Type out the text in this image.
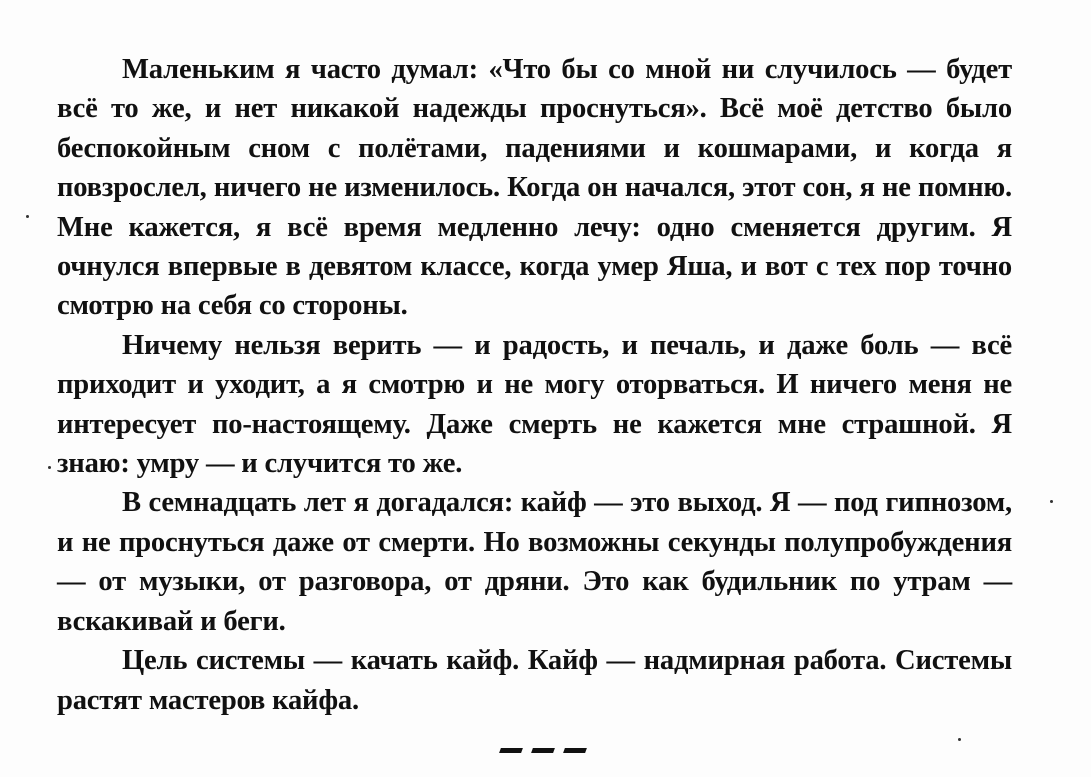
Маленьким я часто думал: «Что бы со мной ни случилось — будет всё то же, и нет никакой надежды проснуться». Всё моё детство было беспокойным сном с полётами, падениями и кошмарами, и когда я повзрослел, ничего не изменилось. Когда он начался, этот сон, я не помню. Мне кажется, я всё время медленно лечу: одно сменяется другим. Я очнулся впервые в девятом классе, когда умер Яша, и вот с тех пор точно смотрю на себя со стороны.

Ничему нельзя верить — и радость, и печаль, и даже боль — всё приходит и уходит, а я смотрю и не могу оторваться. И ничего меня не интересует по-настоящему. Даже смерть не кажется мне страшной. Я знаю: умру — и случится то же.

В семнадцать лет я догадался: кайф — это выход. Я — под гипнозом, и не проснуться даже от смерти. Но возможны секунды полупробуждения — от музыки, от разговора, от дряни. Это как будильник по утрам — вскакивай и беги.

Цель системы — качать кайф. Кайф — надмирная работа. Системы растят мастеров кайфа.
